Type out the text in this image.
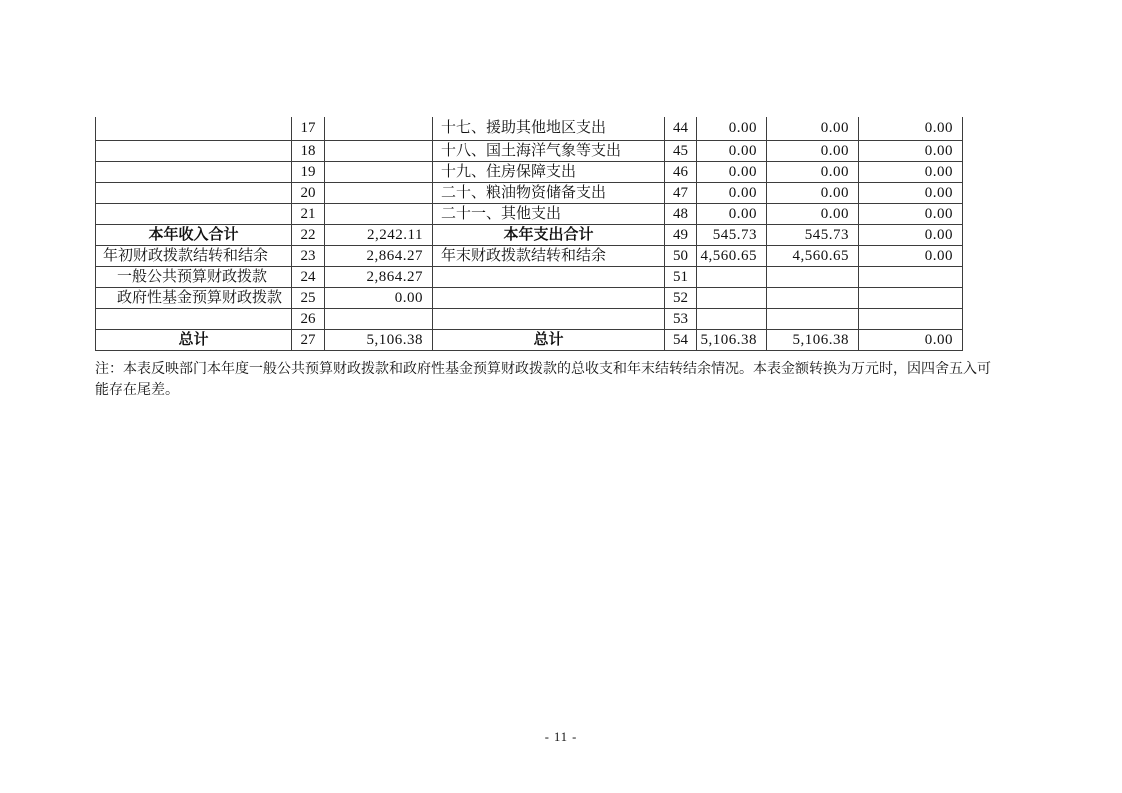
	17		十七、援助其他地区支出	44	0.00	0.00	0.00
	18		十八、国土海洋气象等支出	45	0.00	0.00	0.00
	19		十九、住房保障支出	46	0.00	0.00	0.00
	20		二十、粮油物资储备支出	47	0.00	0.00	0.00
	21		二十一、其他支出	48	0.00	0.00	0.00
本年收入合计	22	2,242.11	本年支出合计	49	545.73	545.73	0.00
年初财政拨款结转和结余	23	2,864.27	年末财政拨款结转和结余	50	4,560.65	4,560.65	0.00
一般公共预算财政拨款	24	2,864.27		51			
政府性基金预算财政拨款	25	0.00		52			
	26			53			
总计	27	5,106.38	总计	54	5,106.38	5,106.38	0.00
注：本表反映部门本年度一般公共预算财政拨款和政府性基金预算财政拨款的总收支和年末结转结余情况。本表金额转换为万元时，因四舍五入可
能存在尾差。
- 11 -
